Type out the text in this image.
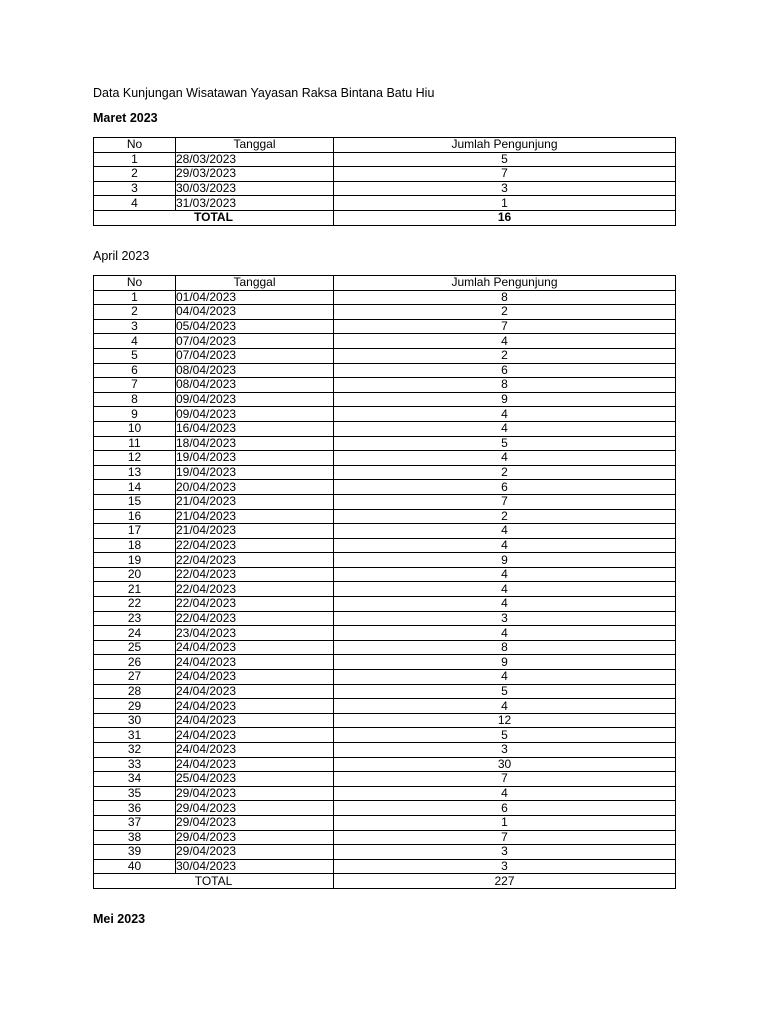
Data Kunjungan Wisatawan Yayasan Raksa Bintana Batu Hiu
Maret 2023
No	Tanggal	Jumlah Pengunjung
1	28/03/2023	5
2	29/03/2023	7
3	30/03/2023	3
4	31/03/2023	1
TOTAL		16
April 2023
No	Tanggal	Jumlah Pengunjung
1	01/04/2023	8
2	04/04/2023	2
3	05/04/2023	7
4	07/04/2023	4
5	07/04/2023	2
6	08/04/2023	6
7	08/04/2023	8
8	09/04/2023	9
9	09/04/2023	4
10	16/04/2023	4
11	18/04/2023	5
12	19/04/2023	4
13	19/04/2023	2
14	20/04/2023	6
15	21/04/2023	7
16	21/04/2023	2
17	21/04/2023	4
18	22/04/2023	4
19	22/04/2023	9
20	22/04/2023	4
21	22/04/2023	4
22	22/04/2023	4
23	22/04/2023	3
24	23/04/2023	4
25	24/04/2023	8
26	24/04/2023	9
27	24/04/2023	4
28	24/04/2023	5
29	24/04/2023	4
30	24/04/2023	12
31	24/04/2023	5
32	24/04/2023	3
33	24/04/2023	30
34	25/04/2023	7
35	29/04/2023	4
36	29/04/2023	6
37	29/04/2023	1
38	29/04/2023	7
39	29/04/2023	3
40	30/04/2023	3
TOTAL		227
Mei 2023
